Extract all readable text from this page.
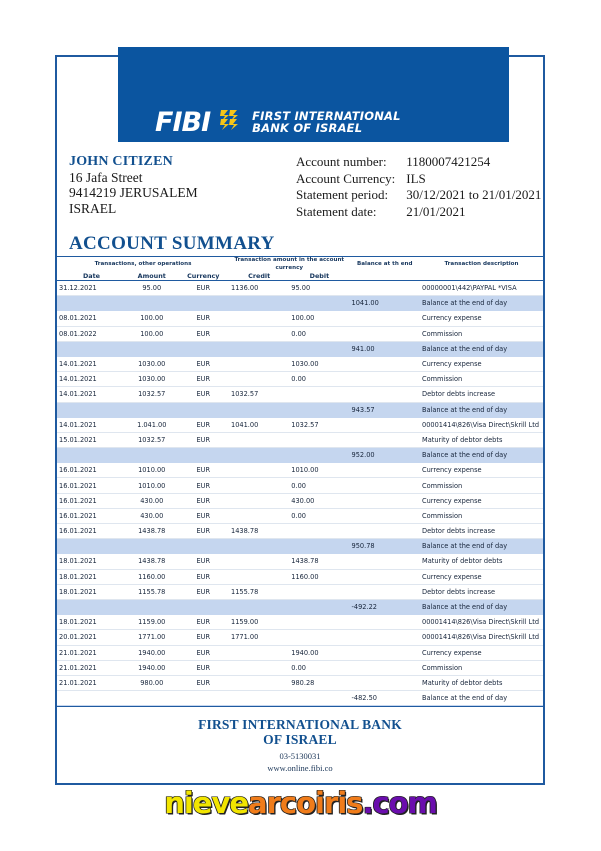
FIBI	FIRST INTERNATIONAL
BANK OF ISRAEL
JOHN CITIZEN
16 Jafa Street
9414219 JERUSALEM
ISRAEL
Account number:	1180007421254
Account Currency:	ILS
Statement period:	30/12/2021 to 21/01/2021
Statement date:	21/01/2021
ACCOUNT SUMMARY
Transactions, other operations			Transaction amount in the account currency		Balance at th end	Transaction description
Date	Amount	Currency	Credit	Debit		
31.12.2021	95.00	EUR	1136.00	95.00		00000001\442\PAYPAL *VISA
					1041.00	Balance at the end of day
08.01.2021	100.00	EUR		100.00		Currency expense
08.01.2022	100.00	EUR		0.00		Commission
					941.00	Balance at the end of day
14.01.2021	1030.00	EUR		1030.00		Currency expense
14.01.2021	1030.00	EUR		0.00		Commission
14.01.2021	1032.57	EUR	1032.57			Debtor debts increase
					943.57	Balance at the end of day
14.01.2021	1.041.00	EUR	1041.00	1032.57		00001414\826\Visa Direct\Skrill Ltd
15.01.2021	1032.57	EUR				Maturity of debtor debts
					952.00	Balance at the end of day
16.01.2021	1010.00	EUR		1010.00		Currency expense
16.01.2021	1010.00	EUR		0.00		Commission
16.01.2021	430.00	EUR		430.00		Currency expense
16.01.2021	430.00	EUR		0.00		Commission
16.01.2021	1438.78	EUR	1438.78			Debtor debts increase
					950.78	Balance at the end of day
18.01.2021	1438.78	EUR		1438.78		Maturity of debtor debts
18.01.2021	1160.00	EUR		1160.00		Currency expense
18.01.2021	1155.78	EUR	1155.78			Debtor debts increase
					-492.22	Balance at the end of day
18.01.2021	1159.00	EUR	1159.00			00001414\826\Visa Direct\Skrill Ltd
20.01.2021	1771.00	EUR	1771.00			00001414\826\Visa Direct\Skrill Ltd
21.01.2021	1940.00	EUR		1940.00		Currency expense
21.01.2021	1940.00	EUR		0.00		Commission
21.01.2021	980.00	EUR		980.28		Maturity of debtor debts
					-482.50	Balance at the end of day
FIRST INTERNATIONAL BANK
OF ISRAEL
03-5130031
www.online.fibi.co
nievearcoiris.com
